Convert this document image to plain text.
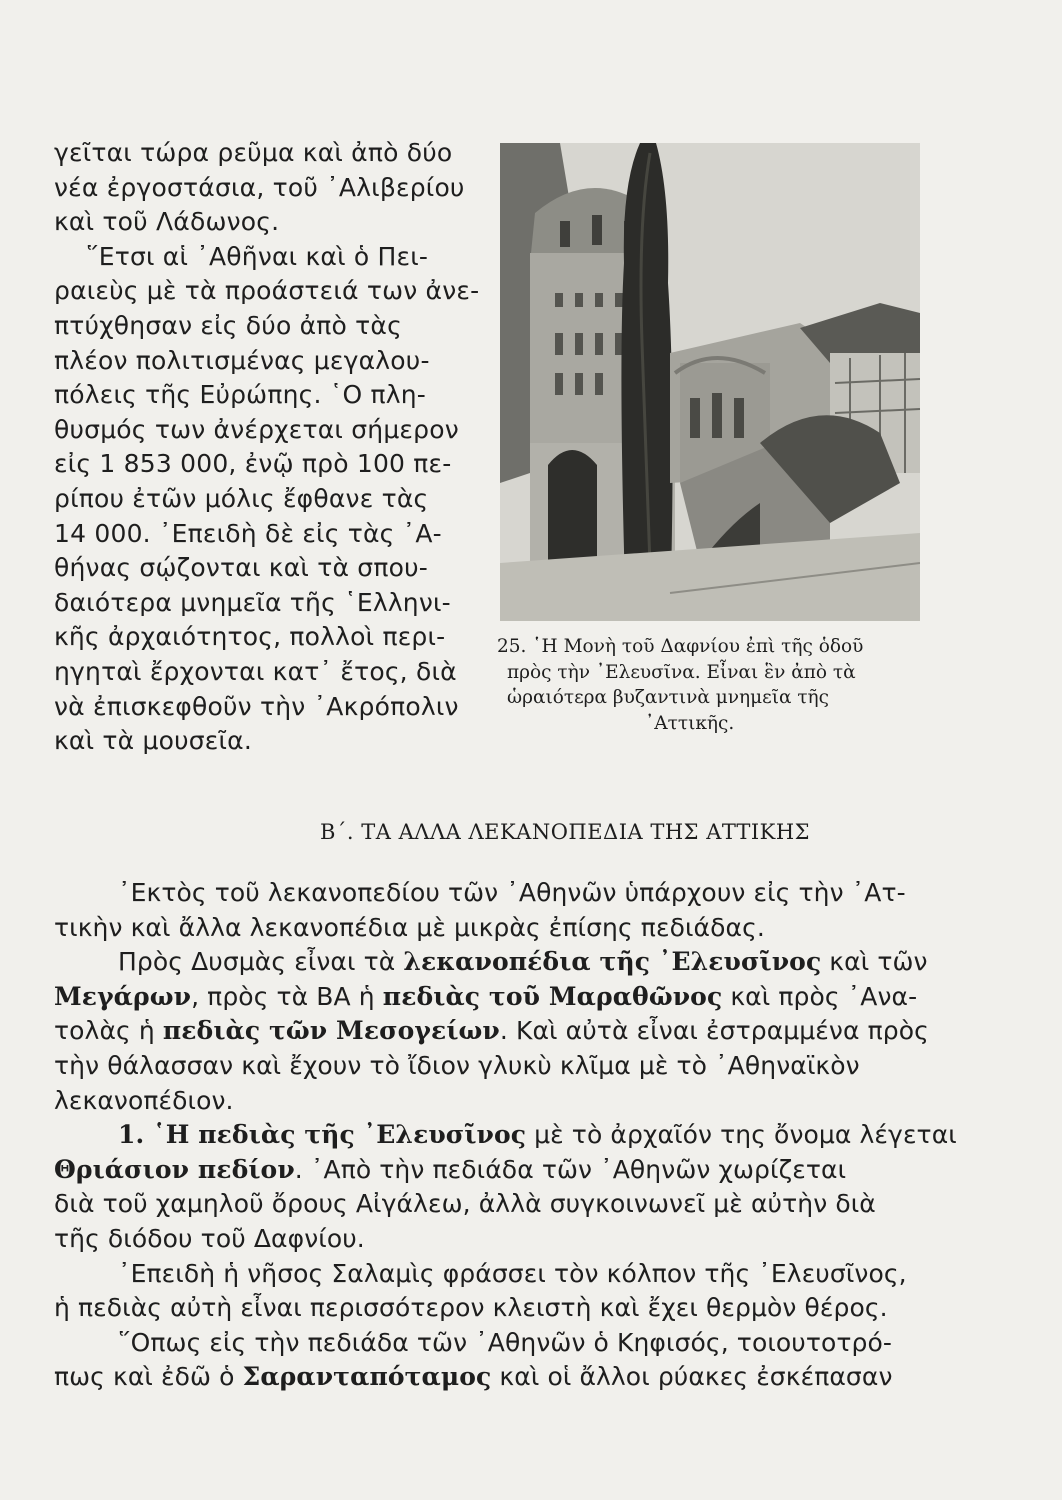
γεῖται τώρα ρεῦμα καὶ ἀπὸ δύο
νέα ἐργοστάσια, τοῦ ᾿Αλιβερίου
καὶ τοῦ Λάδωνος.
῞Ετσι αἱ ᾿Αθῆναι καὶ ὁ Πει-
ραιεὺς μὲ τὰ προάστειά των ἀνε-
πτύχθησαν εἰς δύο ἀπὸ τὰς
πλέον πολιτισμένας μεγαλου-
πόλεις τῆς Εὐρώπης. ῾Ο πλη-
θυσμός των ἀνέρχεται σήμερον
εἰς 1 853 000, ἐνῷ πρὸ 100 πε-
ρίπου ἐτῶν μόλις ἔφθανε τὰς
14 000. ᾿Επειδὴ δὲ εἰς τὰς ᾿Α-
θήνας σῴζονται καὶ τὰ σπου-
δαιότερα μνημεῖα τῆς ῾Ελληνι-
κῆς ἀρχαιότητος, πολλοὶ περι-
ηγηταὶ ἔρχονται κατ᾿ ἔτος, διὰ
νὰ ἐπισκεφθοῦν τὴν ᾿Ακρόπολιν
καὶ τὰ μουσεῖα.
25. ῾Η Μονὴ τοῦ Δαφνίου ἐπὶ τῆς ὁδοῦ
πρὸς τὴν ᾿Ελευσῖνα. Εἶναι ἓν ἀπὸ τὰ
ὡραιότερα βυζαντινὰ μνημεῖα τῆς
᾿Αττικῆς.
Β΄. ΤΑ ΑΛΛΑ ΛΕΚΑΝΟΠΕΔΙΑ ΤΗΣ ΑΤΤΙΚΗΣ
᾿Εκτὸς τοῦ λεκανοπεδίου τῶν ᾿Αθηνῶν ὑπάρχουν εἰς τὴν ᾿Ατ-
τικὴν καὶ ἄλλα λεκανοπέδια μὲ μικρὰς ἐπίσης πεδιάδας.
Πρὸς Δυσμὰς εἶναι τὰ λεκανοπέδια τῆς ᾿Ελευσῖνος καὶ τῶν
Μεγάρων, πρὸς τὰ ΒΑ ἡ πεδιὰς τοῦ Μαραθῶνος καὶ πρὸς ᾿Ανα-
τολὰς ἡ πεδιὰς τῶν Μεσογείων. Καὶ αὐτὰ εἶναι ἐστραμμένα πρὸς
τὴν θάλασσαν καὶ ἔχουν τὸ ἴδιον γλυκὺ κλῖμα μὲ τὸ ᾿Αθηναϊκὸν
λεκανοπέδιον.
1. ῾Η πεδιὰς τῆς ᾿Ελευσῖνος μὲ τὸ ἀρχαῖόν της ὄνομα λέγεται
Θριάσιον πεδίον. ᾿Απὸ τὴν πεδιάδα τῶν ᾿Αθηνῶν χωρίζεται
διὰ τοῦ χαμηλοῦ ὄρους Αἰγάλεω, ἀλλὰ συγκοινωνεῖ μὲ αὐτὴν διὰ
τῆς διόδου τοῦ Δαφνίου.
᾿Επειδὴ ἡ νῆσος Σαλαμὶς φράσσει τὸν κόλπον τῆς ᾿Ελευσῖνος,
ἡ πεδιὰς αὐτὴ εἶναι περισσότερον κλειστὴ καὶ ἔχει θερμὸν θέρος.
῞Οπως εἰς τὴν πεδιάδα τῶν ᾿Αθηνῶν ὁ Κηφισός, τοιουτοτρό-
πως καὶ ἐδῶ ὁ Σαρανταπόταμος καὶ οἱ ἄλλοι ρύακες ἐσκέπασαν
